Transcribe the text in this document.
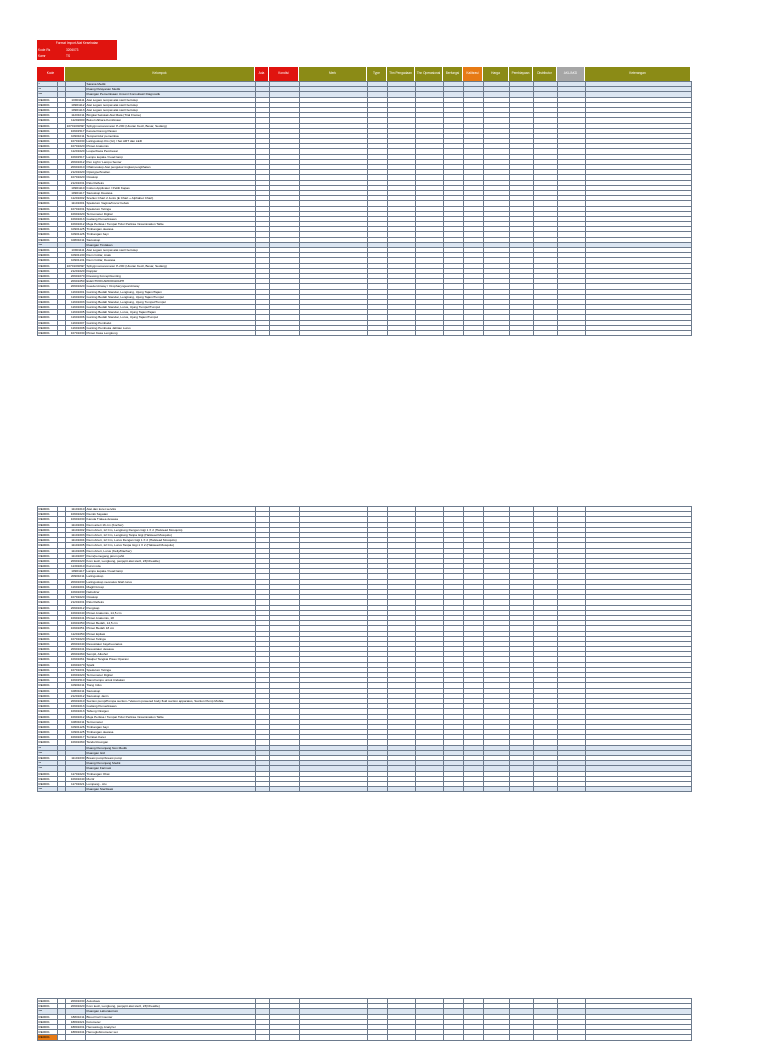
Format Import Alat Kesehatan	
Kode Rs	3206073
Kamr	TS
Kode	Kelompok	Ada	Kondisi	Merk	Type	Thn Pengadaan	Thn Operasional	Berfungsi	Kalibrasi	Harga	Pembiayaan	Distributor	AKL/AKD	Keterangan
*			Sarana Medik													
**			Ruang Pelayanan Medik													
***			Ruangan Pemeriksaan Umum/ Konsultasi/ Diagnostik													
RE0001		10901111	Alat Logam tempat alat steril bertutup													
RE0001		10901112	Alat Logam tempat alat steril bertutup													
RE0001		10901113	Alat Logam tempat alat steril bertutup													
RE0001		11201011	Bingkai Sekotak Alat Mata (Trial Frame)													
RE0001		11202000	Buku Ishihara Kombinasi													
RE0001		10701030SP	Sphygmomanometer P-200 (Ukuran Kecil, Besar, Sedang)													
RE0001		10901517	Kereta Dorong Pasien													
RE0001		10901011	Tempat tidur pemeriksa													
RE0001		10701030	Laringoskop KG (Gr) / Set ART dan LED													
RE0001		10701020	Pinset Anatomis													
RE0001		11201020	Loupe/Kaca Pembesar													
RE0001		10901517	Lampu kepala / head lamp													
RE0001		20901012	Pen Light / Lampu Senter													
RE0001		20901010	Oftalmoskop Alat pengukur tingkat penglihatan													
RE0001		21201020	Optotype/Snellen													
RE0001		10701020	Otoskop													
RE0001		21201031	Palu Refleks													
RE0001		10901110	Cotton Applicator / Pelilit Kapas													
RE0001		10901117	Stetoskop Dewasa													
RE0001		11201002	Snellen Chart 2 Jenis (E Chart + Alphabet Chart)													
RE0001		11101001	Spekulum Vagina/Cocor bebek													
RE0001		10701031	Spekulum Telinga													
RE0001		10901020	Termometer Digital													
RE0001		10901013	Gudang Pemeriksaan													
RE0001		10901012	Meja Periksa / Tempat Tidur Periksa / Examination Table													
RE0001		10901125	Timbangan dewasa													
RE0001		10901126	Timbangan bayi													
RE0001		10801011	Stetoskop													
***			Ruangan Tindakan													
RE0001		10901111	Alat Logam tempat alat steril bertutup													
RE0001		10901130	Klem Collar, Anak													
RE0001		10901131	Klem Collar, Dewasa													
RE0001		10701030SP	Sphygmomanometer P-200 (Ukuran Kecil, Besar, Sedang)													
RE0001		21201020	Doppler													
RE0001		20901070	Dressing Forcep/Gunting													
RE0001		20901050	ELECTROCARDIOGRAPH													
RE0001		20901020	Guedel Airway / Oropharyngeal Airway													
RE0001		11601001	Gunting Bedah Standar, Lengkung, Ujung Tajam/Tajam													
RE0001		11601002	Gunting Bedah Standar, Lengkung, Ujung Tajam/Tumpul													
RE0001		11601003	Gunting Bedah Standar, Lengkung, Ujung Tumpul/Tumpul													
RE0001		11601004	Gunting Bedah Standar, Lurus, Ujung Tumpul/Tumpul													
RE0001		11601005	Gunting Bedah Standar, Lurus, Ujung Tajam/Tajam													
RE0001		11601006	Gunting Bedah Standar, Lurus, Ujung Tajam/Tumpul													
RE0001		11601007	Gunting Pembalut													
RE0001		11601008	Gunting Pembuka Jahitan Lurus													
RE0001		10701030	Pinset Kasa Lengkung													
RE0001		11101010	Alat dan kuret serviks													
RE0001		10901020	Klemik Sayatan													
RE0001		10901030	Kanula Trakea dewasa													
RE0001		11101001	Klem arteri 16 cm (Kocher)													
RE0001		11101002	Klem Arteri, 12 Cm, Lengkung Dengan Gigi 1 X 2 (Halstead Mosquito)													
RE0001		11101003	Klem Arteri, 12 Cm, Lengkung Tanpa Gigi (Halstead Mosquito)													
RE0001		11101004	Klem Arteri, 12 Cm, Lurus Dengan Gigi 1 X 2 (Halstead Mosquito)													
RE0001		11101005	Klem Arteri, 12 Cm, Lurus Tanpa Gigi 1 X 2 (Halstead Mosquito)													
RE0001		11101006	Klem Arteri, Lurus (Kelly/Dacher)													
RE0001		11101007	Klem/pemegang jarum jahit													
RE0001		20901020	Kom kecil, Lengkung, penjepit alat steril, 23(Cheattle)													
RE0001		11301010	Kursi roda													
RE0001		10901117	Lampu kepala / head lamp													
RE0001		20901011	Laringoskop													
RE0001		20901030	Laringoskop neonatus bilah lurus													
RE0001		11601001	Magill forcep													
RE0001		10901030	Nebulizer													
RE0001		10701020	Otoskop													
RE0001		21201031	Palu Refleks													
RE0001		20901012	Pengisap													
RE0001		10901040	Pinset Anatomis, 14,5 cm													
RE0001		10901041	Pinset Anatomis, 18													
RE0001		10901050	Pinset Bedah, 14,5 cm													
RE0001		10901051	Pinset Bedah 18 cm													
RE0001		11201050	Pinset Epilasi													
RE0001		10701020	Pinset Telinga													
RE0001		20901040	Resusitator bayi/neonatus													
RE0001		20901041	Resusitator dewasa													
RE0001		20901060	Sempit, Alkohol													
RE0001		10901061	Skalpel Tangkai Pisau Operasi													
RE0001		10901070	Spalk													
RE0001		10701031	Spekulum Telinga													
RE0001		10901020	Termometer Digital													
RE0001		10901510	Stand lampu untuk tindakan													
RE0001		10901011	Tiang Infus													
RE0001		10801011	Stetoskop													
RE0001		21201012	Stetoskop Janin													
RE0001		20901010	Suction pump/Pompa suction / Vacuum powered body fluid suction apparatus, Suction Pump Mobile													
RE0001		10901013	Gudang Pemeriksaan													
RE0001		10901013	Tabung Oksigen													
RE0001		10901012	Meja Periksa / Tempat Tidur Periksa / Examination Table													
RE0001		10801011	Termometer													
RE0001		10901126	Timbangan bayi													
RE0001		10901125	Timbangan dewasa													
RE0001		10901017	Torniket Karet													
RE0001		10901060	Tandu/Usungan													
**			Ruang Penunjang Non Medik													
***			Ruangan Gizi													
RE0001		11101030	Breast pump/breast pump													
**			Ruang Penunjang Medik													
***			Ruangan Farmasi													
RE0001		11701020	Timbangan Obat													
RE0001		10901040	Mortir													
RE0001		11701021	Lumpang - Alu													
***			Ruangan Sterilisasi													
RE0001		20901030	Autoclave													
RE0001		20901020	Kom kecil, Lengkung, penjepit alat steril, 23(Cheattle)													
***			Ruangan Laboratorium													
RE0001		18801011	Blood Cell Counter													
RE0001		18801021	Fotometer													
RE0001		18801031	Hematology Analyzer													
RE0001		18801041	Hemoglobinometer set													
RE0001																
